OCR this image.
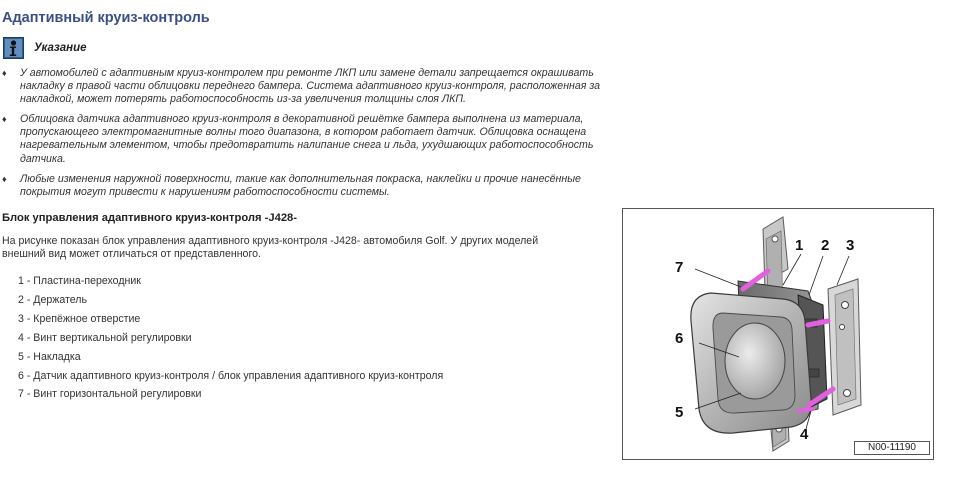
Адаптивный круиз-контроль
Указание
♦ У автомобилей с адаптивным круиз-контролем при ремонте ЛКП или замене детали запрещается окрашивать накладку в правой части облицовки переднего бампера. Система адаптивного круиз-контроля, расположенная за накладкой, может потерять работоспособность из-за увеличения толщины слоя ЛКП.
♦ Облицовка датчика адаптивного круиз-контроля в декоративной решётке бампера выполнена из материала, пропускающего электромагнитные волны того диапазона, в котором работает датчик. Облицовка оснащена нагревательным элементом, чтобы предотвратить налипание снега и льда, ухудшающих работоспособность датчика.
♦ Любые изменения наружной поверхности, такие как дополнительная покраска, наклейки и прочие нанесённые покрытия могут привести к нарушениям работоспособности системы.
Блок управления адаптивного круиз-контроля -J428-
На рисунке показан блок управления адаптивного круиз-контроля -J428- автомобиля Golf. У других моделей внешний вид может отличаться от представленного.
1 - Пластина-переходник
2 - Держатель
3 - Крепёжное отверстие
4 - Винт вертикальной регулировки
5 - Накладка
6 - Датчик адаптивного круиз-контроля / блок управления адаптивного круиз-контроля
7 - Винт горизонтальной регулировки
1 2 3
4
5
6
7
N00-11190
